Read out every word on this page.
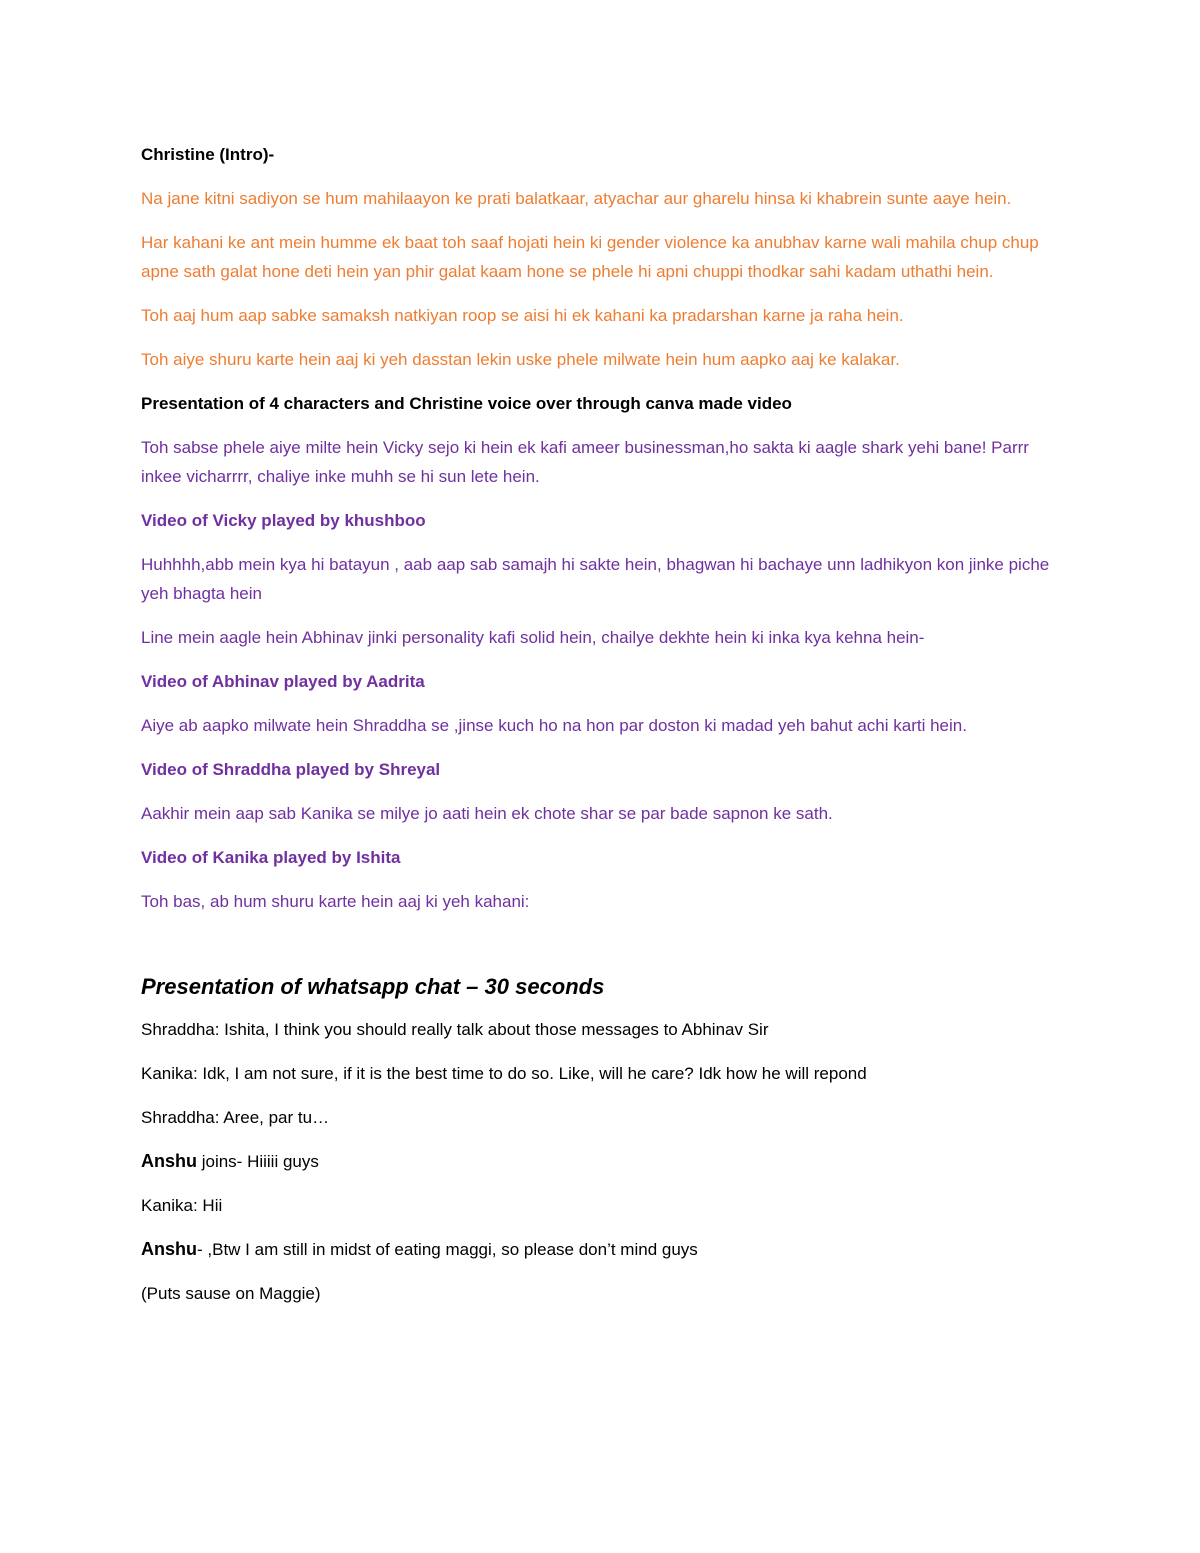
Christine (Intro)-

Na jane kitni sadiyon se hum mahilaayon ke prati balatkaar, atyachar aur gharelu hinsa ki khabrein sunte aaye hein.

Har kahani ke ant mein humme ek baat toh saaf hojati hein ki gender violence ka anubhav karne wali mahila chup chup apne sath galat hone deti hein yan phir galat kaam hone se phele hi apni chuppi thodkar sahi kadam uthathi hein.

Toh aaj hum aap sabke samaksh natkiyan roop se aisi hi ek kahani ka pradarshan karne ja raha hein.

Toh aiye shuru karte hein aaj ki yeh dasstan lekin uske phele milwate hein hum aapko aaj ke kalakar.

Presentation of 4 characters and Christine voice over through canva made video

Toh sabse phele aiye milte hein Vicky sejo ki hein ek kafi ameer businessman,ho sakta ki aagle shark yehi bane! Parrr inkee vicharrrr, chaliye inke muhh se hi sun lete hein.

Video of Vicky played by khushboo

Huhhhh,abb mein kya hi batayun , aab aap sab samajh hi sakte hein, bhagwan hi bachaye unn ladhikyon kon jinke piche yeh bhagta hein

Line mein aagle hein Abhinav jinki personality kafi solid hein, chailye dekhte hein ki inka kya kehna hein-

Video of Abhinav played by Aadrita

Aiye ab aapko milwate hein Shraddha se ,jinse kuch ho na hon par doston ki madad yeh bahut achi karti hein.

Video of Shraddha played by Shreyal

Aakhir mein aap sab Kanika se milye jo aati hein ek chote shar se par bade sapnon ke sath.

Video of Kanika played by Ishita

Toh bas, ab hum shuru karte hein aaj ki yeh kahani:

Presentation of whatsapp chat – 30 seconds

Shraddha: Ishita, I think you should really talk about those messages to Abhinav Sir

Kanika: Idk, I am not sure, if it is the best time to do so. Like, will he care? Idk how he will repond

Shraddha: Aree, par tu…

Anshu joins- Hiiiii guys

Kanika: Hii

Anshu- ,Btw I am still in midst of eating maggi, so please don’t mind guys

(Puts sause on Maggie)
